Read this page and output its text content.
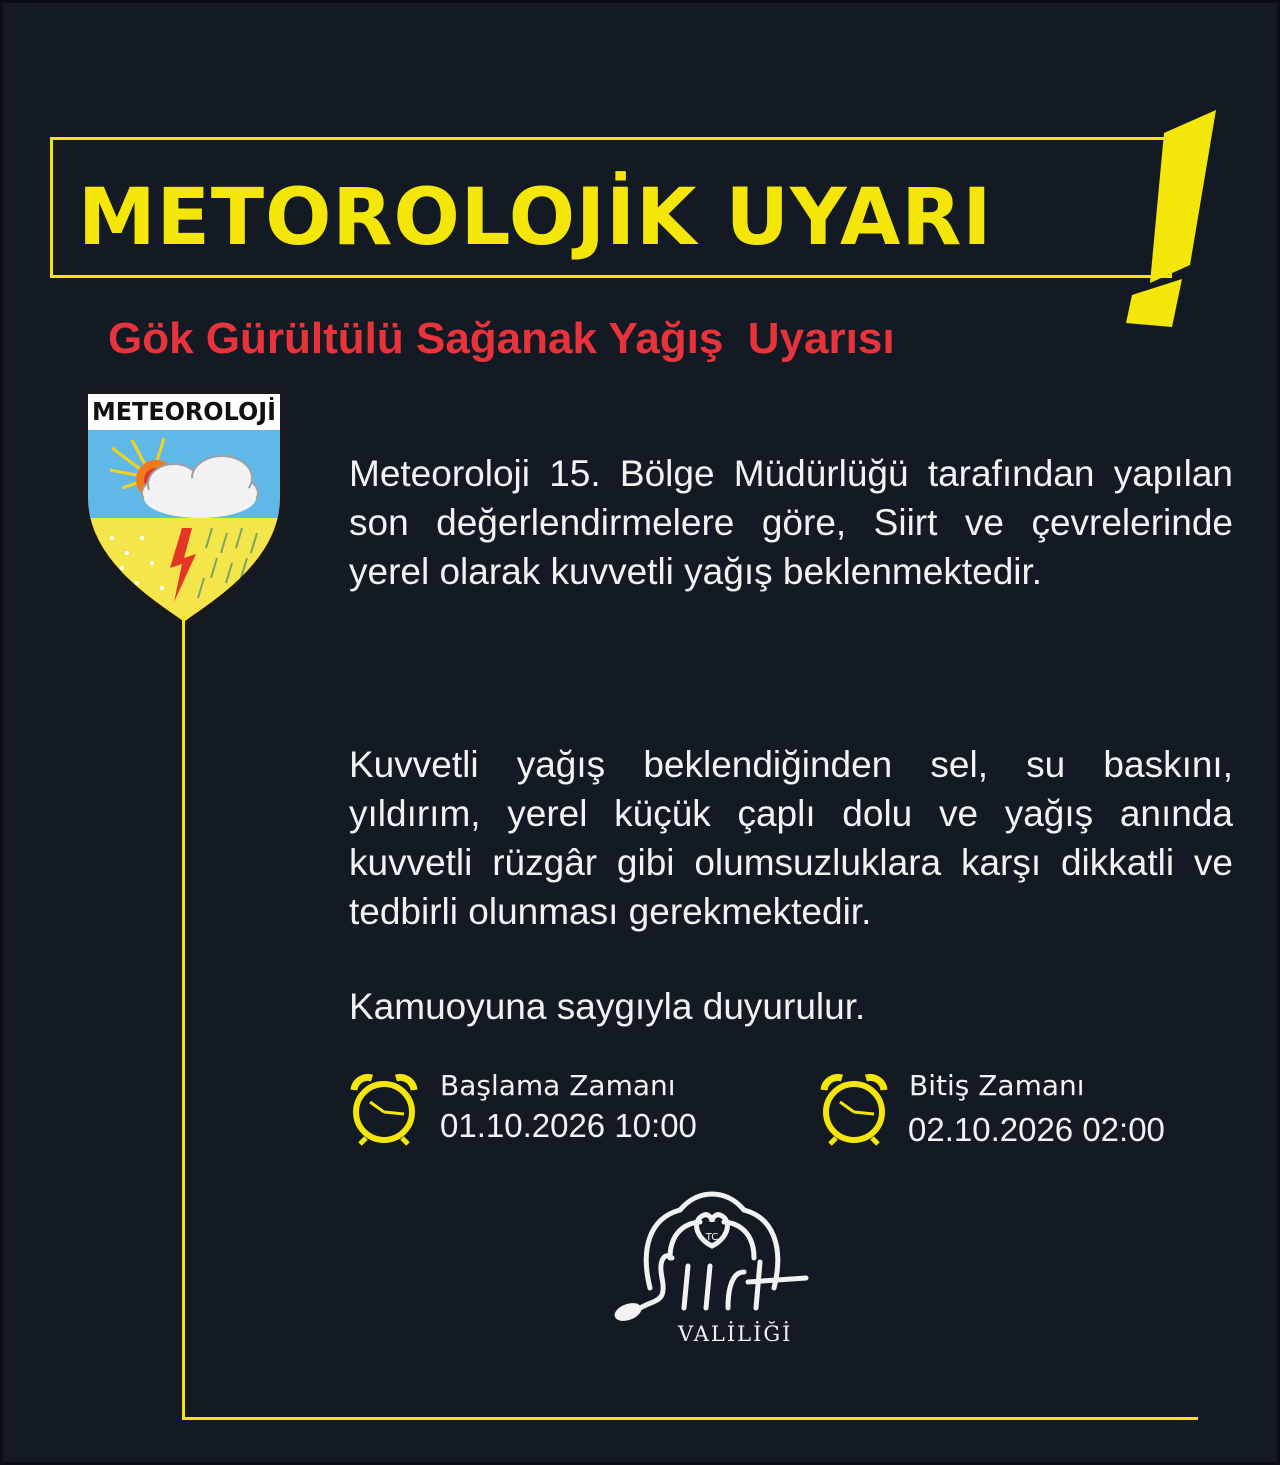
METOROLOJİK UYARI
Gök Gürültülü Sağanak Yağış  Uyarısı
METEOROLOJİ
Meteoroloji 15. Bölge Müdürlüğü tarafından yapılan son değerlendirmelere göre, Siirt ve çevrelerinde yerel olarak kuvvetli yağış beklenmektedir.
Kuvvetli yağış beklendiğinden sel, su baskını, yıldırım, yerel küçük çaplı dolu ve yağış anında kuvvetli rüzgâr gibi olumsuzluklara karşı dikkatli ve tedbirli olunması gerekmektedir.
Kamuoyuna saygıyla duyurulur.
Başlama Zamanı
01.10.2026 10:00
Bitiş Zamanı
02.10.2026 02:00
TC
VALİLİĞİ
